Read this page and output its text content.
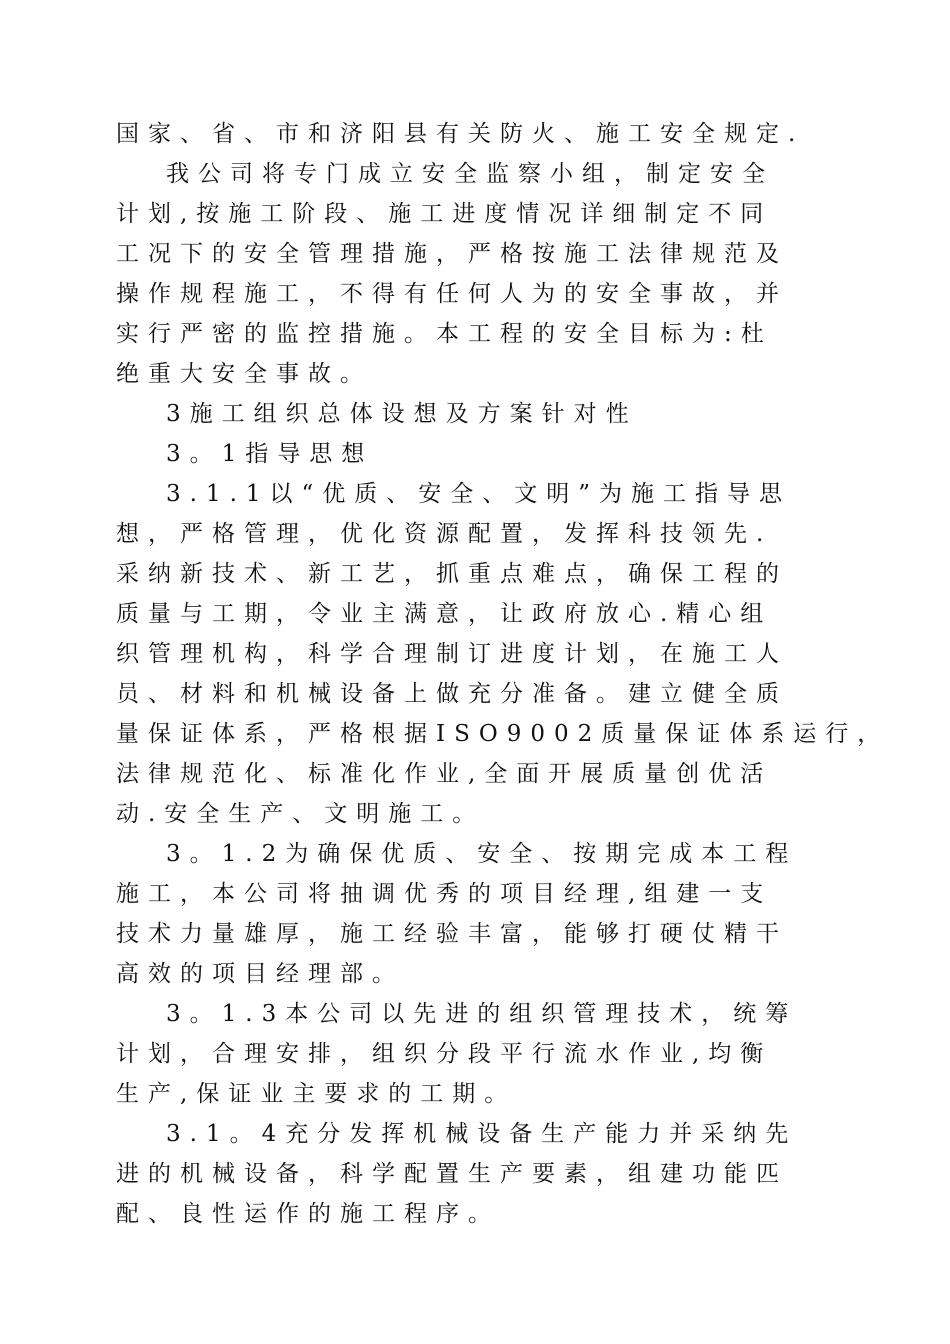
国家、省、市和济阳县有关防火、施工安全规定.
我公司将专门成立安全监察小组，制定安全
计划,按施工阶段、施工进度情况详细制定不同
工况下的安全管理措施，严格按施工法律规范及
操作规程施工，不得有任何人为的安全事故，并
实行严密的监控措施。本工程的安全目标为:杜
绝重大安全事故。
3施工组织总体设想及方案针对性
3。1指导思想
3.1.1以“优质、安全、文明”为施工指导思
想，严格管理，优化资源配置，发挥科技领先.
采纳新技术、新工艺，抓重点难点，确保工程的
质量与工期，令业主满意，让政府放心.精心组
织管理机构，科学合理制订进度计划，在施工人
员、材料和机械设备上做充分准备。建立健全质
量保证体系，严格根据ISO9002质量保证体系运行，
法律规范化、标准化作业,全面开展质量创优活
动.安全生产、文明施工。
3。1.2为确保优质、安全、按期完成本工程
施工，本公司将抽调优秀的项目经理,组建一支
技术力量雄厚，施工经验丰富，能够打硬仗精干
高效的项目经理部。
3。1.3本公司以先进的组织管理技术，统筹
计划，合理安排，组织分段平行流水作业,均衡
生产,保证业主要求的工期。
3.1。4充分发挥机械设备生产能力并采纳先
进的机械设备，科学配置生产要素，组建功能匹
配、良性运作的施工程序。
